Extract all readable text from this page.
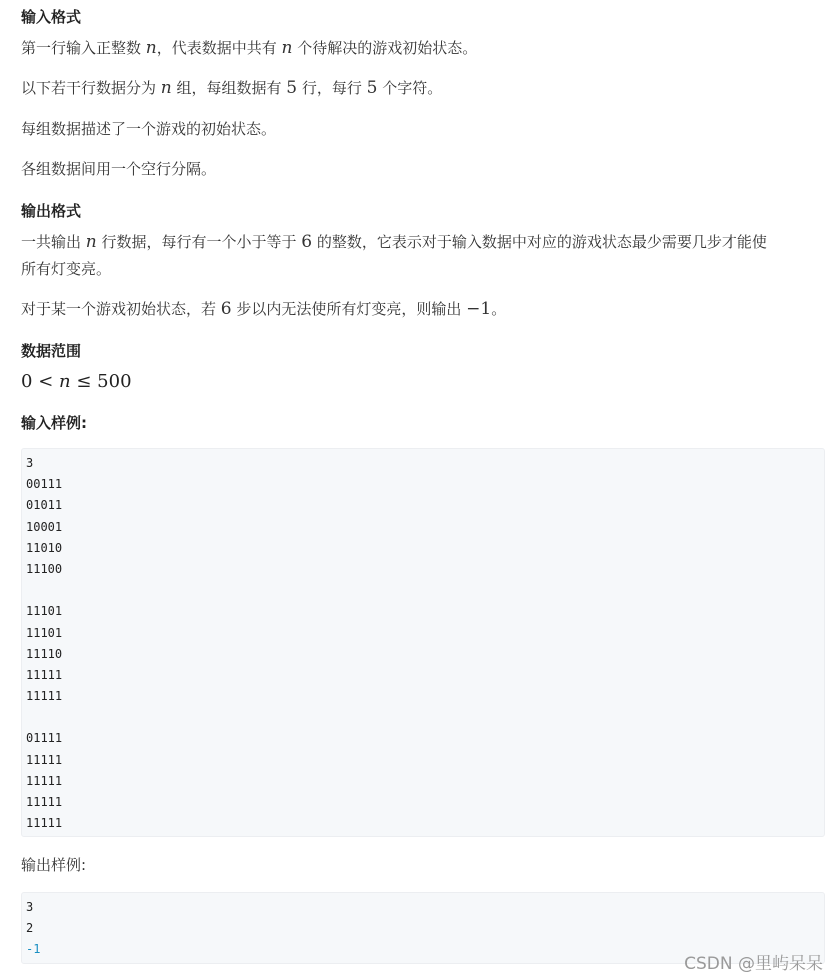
输入格式
第一行输入正整数 n，代表数据中共有 n 个待解决的游戏初始状态。
以下若干行数据分为 n 组，每组数据有 5 行，每行 5 个字符。
每组数据描述了一个游戏的初始状态。
各组数据间用一个空行分隔。
输出格式
一共输出 n 行数据，每行有一个小于等于 6 的整数，它表示对于输入数据中对应的游戏状态最少需要几步才能使
所有灯变亮。
对于某一个游戏初始状态，若 6 步以内无法使所有灯变亮，则输出 −1。
数据范围
0 < n ≤ 500
输入样例:
3
00111
01011
10001
11010
11100
11101
11101
11110
11111
11111
01111
11111
11111
11111
11111
输出样例:
3
2
-1
CSDN @里屿呆呆
